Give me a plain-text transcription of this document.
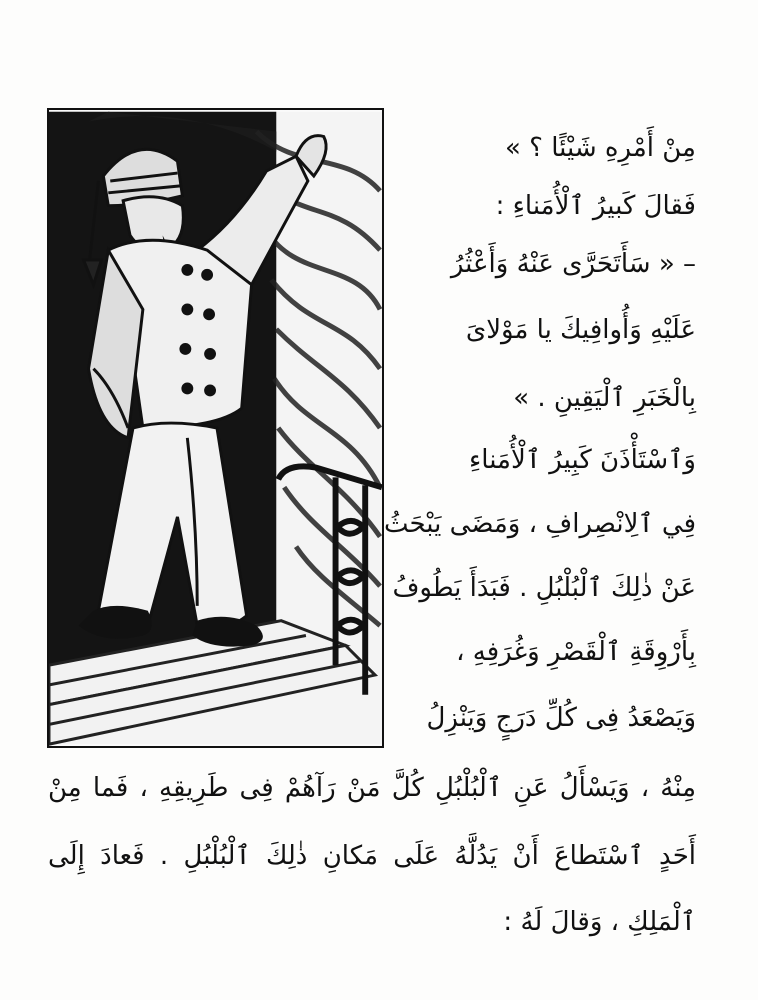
مِنْ أَمْرِهِ شَيْئًا ؟ »
فَقالَ كَبيرُ ٱلْأُمَناءِ :
– « سَأَتَحَرَّى عَنْهُ وَأَعْثُرُ
عَلَيْهِ وَأُوافِيكَ يا مَوْلاىَ
بِالْخَبَرِ ٱلْيَقِينِ . »
وَٱسْتَأْذَنَ كَبِيرُ ٱلْأُمَناءِ
فِي ٱلِانْصِرافِ ، وَمَضَى يَبْحَثُ
عَنْ ذٰلِكَ ٱلْبُلْبُلِ . فَبَدَأَ يَطُوفُ
بِأَرْوِقَةِ ٱلْقَصْرِ وَغُرَفِهِ ،
وَيَصْعَدُ فِى كُلِّ دَرَجٍ وَيَنْزِلُ
مِنْهُ ، وَيَسْأَلُ عَنِ ٱلْبُلْبُلِ كُلَّ مَنْ رَآهُمْ فِى طَرِيقِهِ ، فَما مِنْ
أَحَدٍ ٱسْتَطاعَ أَنْ يَدُلَّهُ عَلَى مَكانِ ذٰلِكَ ٱلْبُلْبُلِ . فَعادَ إِلَى
ٱلْمَلِكِ ، وَقالَ لَهُ :
